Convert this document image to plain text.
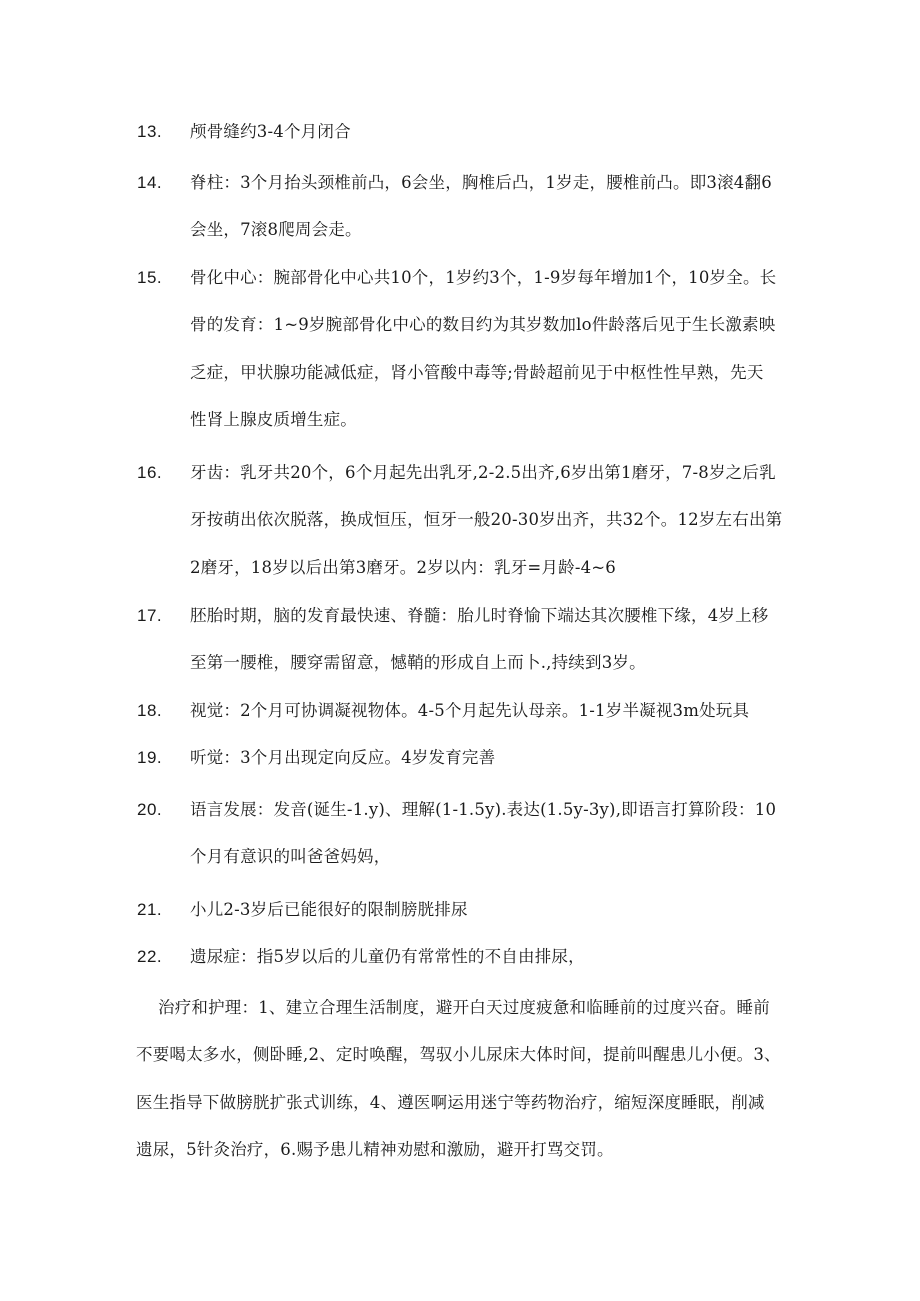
13. 颅骨缝约3-4个月闭合
14. 脊柱：3个月抬头颈椎前凸，6会坐，胸椎后凸，1岁走，腰椎前凸。即3滚4翻6
会坐，7滚8爬周会走。
15. 骨化中心：腕部骨化中心共10个，1岁约3个，1-9岁每年增加1个，10岁全。长
骨的发育：1~9岁腕部骨化中心的数目约为其岁数加lo件龄落后见于生长激素映
乏症，甲状腺功能减低症，肾小管酸中毒等;骨龄超前见于中枢性性早熟，先天
性肾上腺皮质增生症。
16. 牙齿：乳牙共20个，6个月起先出乳牙,2-2.5出齐,6岁出第1磨牙，7-8岁之后乳
牙按萌出依次脱落，换成恒压，恒牙一般20-30岁出齐，共32个。12岁左右出第
2磨牙，18岁以后出第3磨牙。2岁以内：乳牙=月龄-4~6
17. 胚胎时期，脑的发育最快速、脊髓：胎儿时脊愉下端达其次腰椎下缘，4岁上移
至第一腰椎，腰穿需留意，憾鞘的形成自上而卜.,持续到3岁。
18. 视觉：2个月可协调凝视物体。4-5个月起先认母亲。1-1岁半凝视3m处玩具
19. 听觉：3个月出现定向反应。4岁发育完善
20. 语言发展：发音(诞生-1.y)、理解(1-1.5y).表达(1.5y-3y),即语言打算阶段：10
个月有意识的叫爸爸妈妈，
21. 小儿2-3岁后已能很好的限制膀胱排尿
22. 遗尿症：指5岁以后的儿童仍有常常性的不自由排尿，
治疗和护理：1、建立合理生活制度，避开白天过度疲惫和临睡前的过度兴奋。睡前
不要喝太多水，侧卧睡,2、定时唤醒，驾驭小儿尿床大体时间，提前叫醒患儿小便。3、
医生指导下做膀胱扩张式训练，4、遵医啊运用迷宁等药物治疗，缩短深度睡眠，削减
遗尿，5针灸治疗，6.赐予患儿精神劝慰和激励，避开打骂交罚。
